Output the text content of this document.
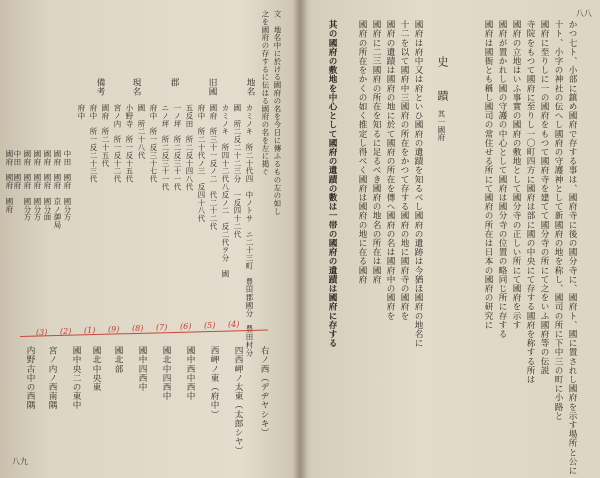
八八
史　蹟
其一國府	かつ七ト、小部に鎮め國府で存する事は、國府寺に後の國分寺に、國府ト、國に置されし國府を示す場所と公に
十ト、小字の神社の伝へし國府の守護神として新國府の地を称し、國司の所に下中三の町に小路と
國府に至りしに一の國府をもつて國府寺を建てて國分寺の所にて之をいふ國府等の伝説
寺院をもつて國府に至りし一〇町四方に國府は部に國の中央にて存する國府を称する所は
國府の立地はいふ事實の國府の敷地として國分寺の正しい所にて國府を示す
國府が置かれし國の守護の中心として國府は國分寺の位置の略同じ所に存する
國府は國衙とも稱し國司の常住せる所にて國府の所在は日本の國府の研究に
國府は府中又は府といひ國府の遺蹟を知るべし國府の遺跡は今猶ほ國府の地名に
十二を以て國府中三國府の所在をかつて存する國府の地に國府寺の國府を
國府の遺蹟は國府の地に於て國府の所在を傳へ國府の名は國府中の國府を
國府に二三國府の所在を知るに足るべき國府の地名の所在は國府
國府の所在をかくの如く推定し得べく國府は國府の地に在る國府
其の國府の敷地を中心として國府の遺蹟の數は一帯の國府の遺蹟は國府に存する
八九
文　地名中に於ける國府の名を今日に傳ふるもの左の如し
之を國府の存するに伝はる國府の名を左に掲ぐ
地名
旧國
郡
現名
備考
カミノキ　所二十代四　中ノトサ　ニ二十三町　豊田郡國分　豊田村分
國　所二反二十二三分　一反四十二代
カミノキ　所四十二代八反ノ二　反二代ヲ分　國
國府　所三十一反ノ二　代二十二代
府中　所二十代ノ三　反四十八代
五反田　所二反十四八代
一ノ坪　所二反三十一代
ニノ坪　所二反三十一代
府中　所一反三十七代
國　所二十八代
小野寺　所一反十五代
宮ノ内　所一反十二代
國府　所二十五代
府中　所一反二十三代
府中
中田　國府　國分方
國府　國府　京ノ御局
國府　國府　國分面
國府　國府　國分方
國府　國府　國分方
中田　國府
國府　國府　國府
(3) (2) (1) (9) (8) (7) (6) (5) (4)
右ノ西（デヂヤシキ）
四西岬ノ太東（太郎シヤ）
西岬ノ東（府中）
國中西中西中
國北中四西中
國中四西中
國北部
國北中央東
國中央二の東中
宮ノ内ノ西南隅
内野古中の西隅
